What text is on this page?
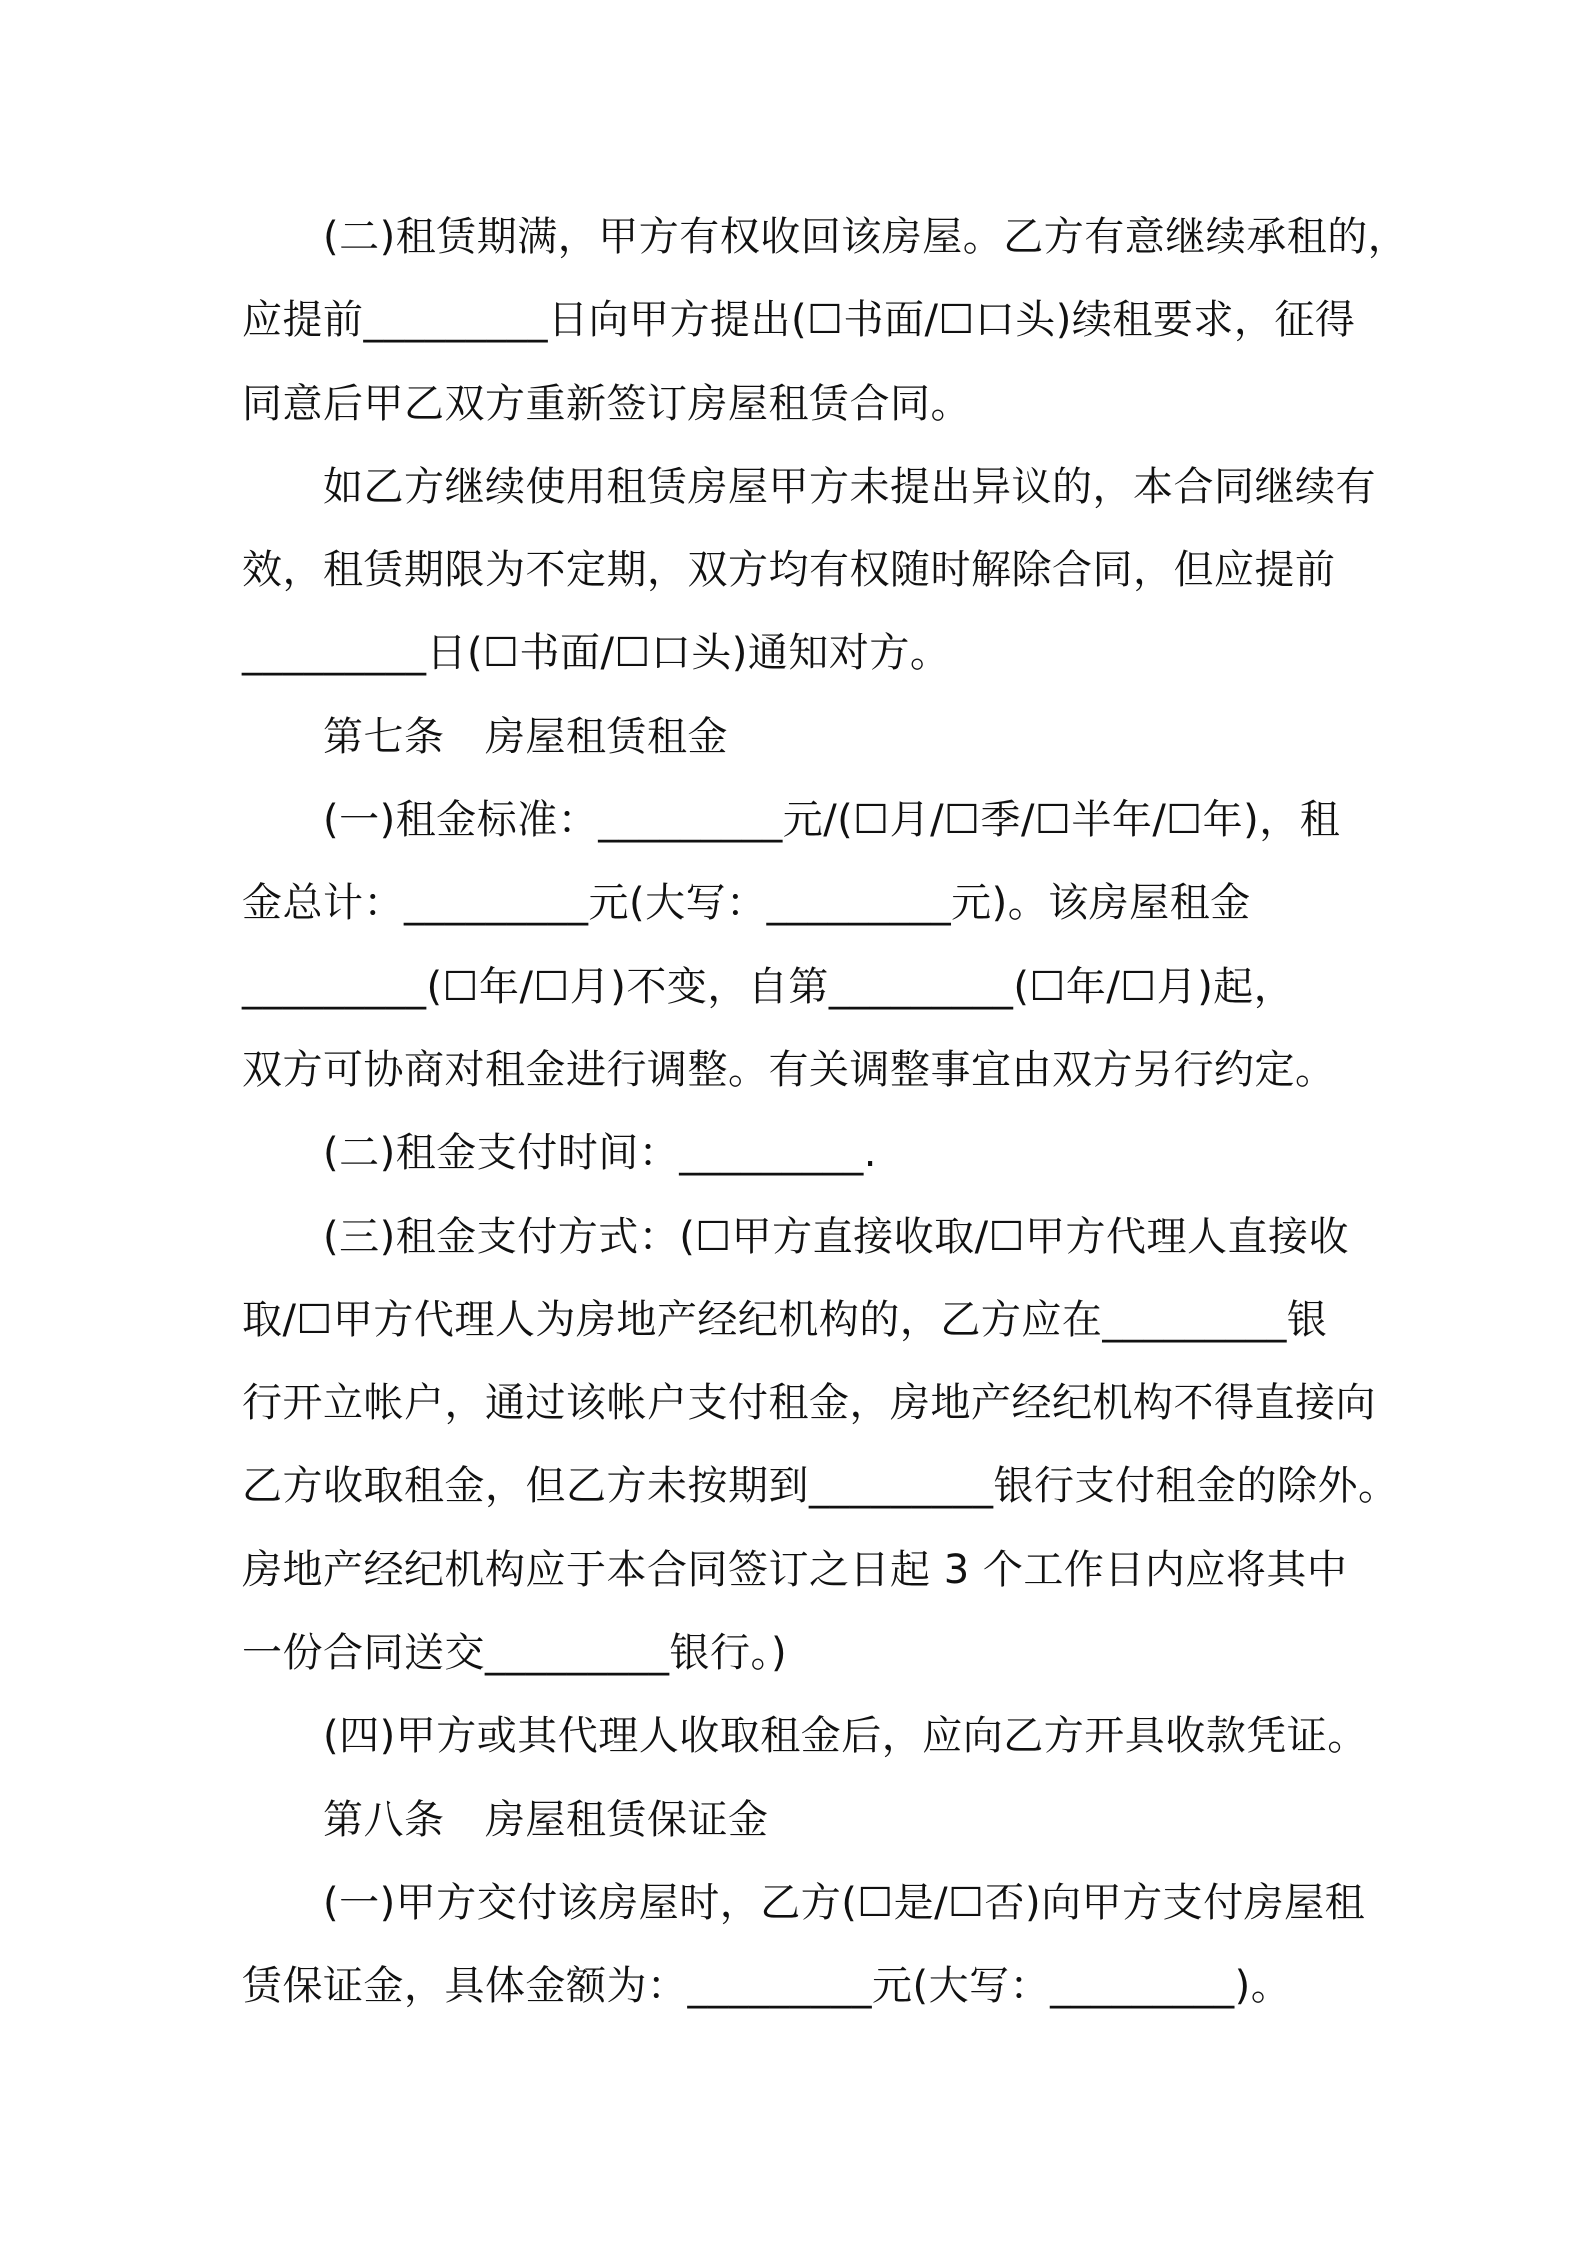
　　(二)租赁期满，甲方有权收回该房屋。乙方有意继续承租的，

应提前_________日向甲方提出(☐书面/☐口头)续租要求，征得

同意后甲乙双方重新签订房屋租赁合同。

　　如乙方继续使用租赁房屋甲方未提出异议的，本合同继续有

效，租赁期限为不定期，双方均有权随时解除合同，但应提前

_________日(☐书面/☐口头)通知对方。

　　第七条　房屋租赁租金

　　(一)租金标准：_________元/(☐月/☐季/☐半年/☐年)，租

金总计：_________元(大写：_________元)。该房屋租金

_________(☐年/☐月)不变，自第_________(☐年/☐月)起，

双方可协商对租金进行调整。有关调整事宜由双方另行约定。

　　(二)租金支付时间：_________.

　　(三)租金支付方式：(☐甲方直接收取/☐甲方代理人直接收

取/☐甲方代理人为房地产经纪机构的，乙方应在_________银

行开立帐户，通过该帐户支付租金，房地产经纪机构不得直接向

乙方收取租金，但乙方未按期到_________银行支付租金的除外。

房地产经纪机构应于本合同签订之日起 3 个工作日内应将其中

一份合同送交_________银行。)

　　(四)甲方或其代理人收取租金后，应向乙方开具收款凭证。

　　第八条　房屋租赁保证金

　　(一)甲方交付该房屋时，乙方(☐是/☐否)向甲方支付房屋租

赁保证金，具体金额为：_________元(大写：_________)。
